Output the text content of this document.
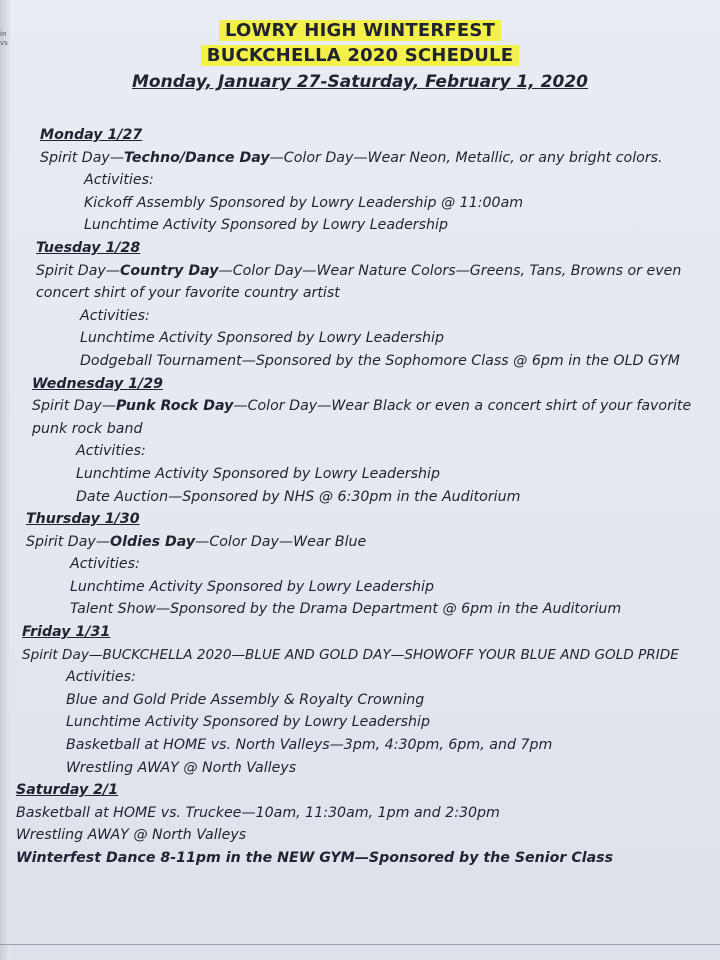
in
vs
LOWRY HIGH WINTERFEST
BUCKCHELLA 2020 SCHEDULE
Monday, January 27-Saturday, February 1, 2020
Monday 1/27
Spirit Day—Techno/Dance Day—Color Day—Wear Neon, Metallic, or any bright colors.
Activities:
Kickoff Assembly Sponsored by Lowry Leadership @ 11:00am
Lunchtime Activity Sponsored by Lowry Leadership
Tuesday 1/28
Spirit Day—Country Day—Color Day—Wear Nature Colors—Greens, Tans, Browns or even concert shirt of your favorite country artist
Activities:
Lunchtime Activity Sponsored by Lowry Leadership
Dodgeball Tournament—Sponsored by the Sophomore Class @ 6pm in the OLD GYM
Wednesday 1/29
Spirit Day—Punk Rock Day—Color Day—Wear Black or even a concert shirt of your favorite punk rock band
Activities:
Lunchtime Activity Sponsored by Lowry Leadership
Date Auction—Sponsored by NHS @ 6:30pm in the Auditorium
Thursday 1/30
Spirit Day—Oldies Day—Color Day—Wear Blue
Activities:
Lunchtime Activity Sponsored by Lowry Leadership
Talent Show—Sponsored by the Drama Department @ 6pm in the Auditorium
Friday 1/31
Spirit Day—BUCKCHELLA 2020—BLUE AND GOLD DAY—SHOWOFF YOUR BLUE AND GOLD PRIDE
Activities:
Blue and Gold Pride Assembly & Royalty Crowning
Lunchtime Activity Sponsored by Lowry Leadership
Basketball at HOME vs. North Valleys—3pm, 4:30pm, 6pm, and 7pm
Wrestling AWAY @ North Valleys
Saturday 2/1
Basketball at HOME vs. Truckee—10am, 11:30am, 1pm and 2:30pm
Wrestling AWAY @ North Valleys
Winterfest Dance 8-11pm in the NEW GYM—Sponsored by the Senior Class
